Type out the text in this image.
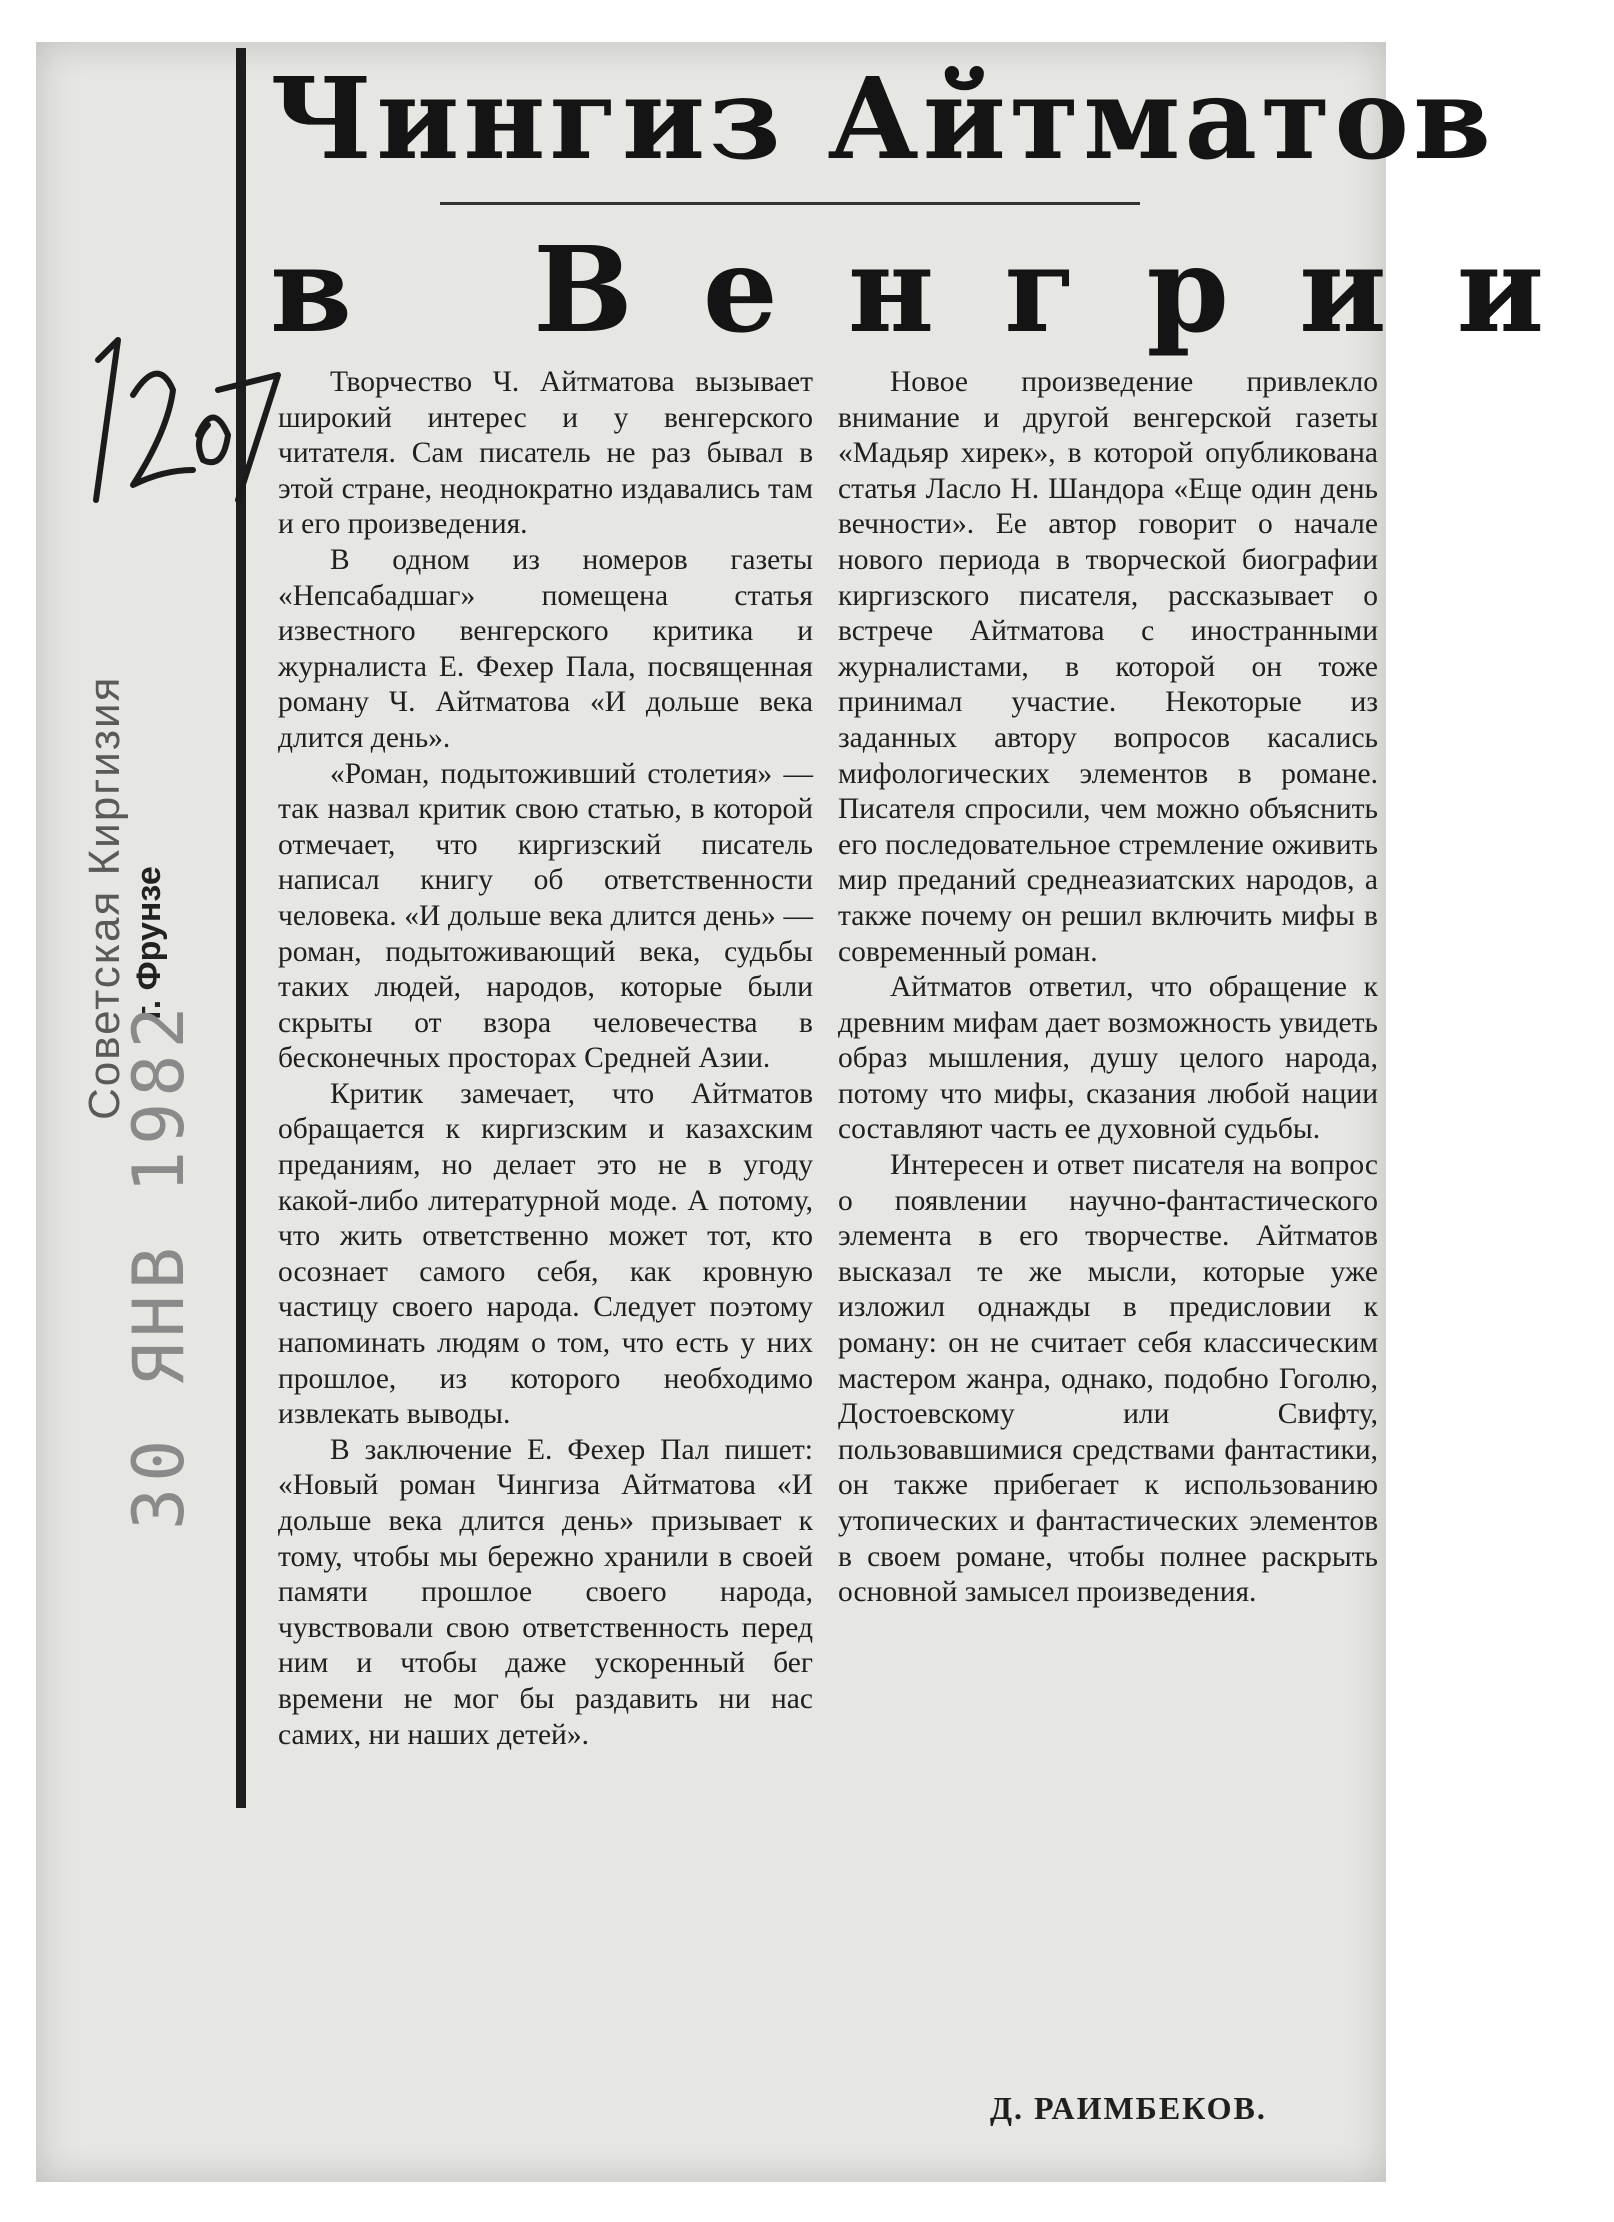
Чингиз Айтматов
в Венгрии

Творчество Ч. Айтматова вызывает широкий интерес и у венгерского читателя. Сам писатель не раз бывал в этой стране, неоднократно издавались там и его произведения.

В одном из номеров газеты «Непсабадшаг» помещена статья известного венгерского критика и журналиста Е. Фехер Пала, посвященная роману Ч. Айтматова «И дольше века длится день».

«Роман, подытоживший столетия» — так назвал критик свою статью, в которой отмечает, что киргизский писатель написал книгу об ответственности человека. «И дольше века длится день» — роман, подытоживающий века, судьбы таких людей, народов, которые были скрыты от взора человечества в бесконечных просторах Средней Азии.

Критик замечает, что Айтматов обращается к киргизским и казахским преданиям, но делает это не в угоду какой-либо литературной моде. А потому, что жить ответственно может тот, кто осознает самого себя, как кровную частицу своего народа. Следует поэтому напоминать людям о том, что есть у них прошлое, из которого необходимо извлекать выводы.

В заключение Е. Фехер Пал пишет: «Новый роман Чингиза Айтматова «И дольше века длится день» призывает к тому, чтобы мы бережно хранили в своей памяти прошлое своего народа, чувствовали свою ответственность перед ним и чтобы даже ускоренный бег времени не мог бы раздавить ни нас самих, ни наших детей».

Новое произведение привлекло внимание и другой венгерской газеты «Мадьяр хирек», в которой опубликована статья Ласло Н. Шандора «Еще один день вечности». Ее автор говорит о начале нового периода в творческой биографии киргизского писателя, рассказывает о встрече Айтматова с иностранными журналистами, в которой он тоже принимал участие. Некоторые из заданных автору вопросов касались мифологических элементов в романе. Писателя спросили, чем можно объяснить его последовательное стремление оживить мир преданий среднеазиатских народов, а также почему он решил включить мифы в современный роман.

Айтматов ответил, что обращение к древним мифам дает возможность увидеть образ мышления, душу целого народа, потому что мифы, сказания любой нации составляют часть ее духовной судьбы.

Интересен и ответ писателя на вопрос о появлении научно-фантастического элемента в его творчестве. Айтматов высказал те же мысли, которые уже изложил однажды в предисловии к роману: он не считает себя классическим мастером жанра, однако, подобно Гоголю, Достоевскому или Свифту, пользовавшимися средствами фантастики, он также прибегает к использованию утопических и фантастических элементов в своем романе, чтобы полнее раскрыть основной замысел произведения.

Д. РАИМБЕКОВ.
Советская Киргизия г. Фрунзе
30 ЯНВ 1982
